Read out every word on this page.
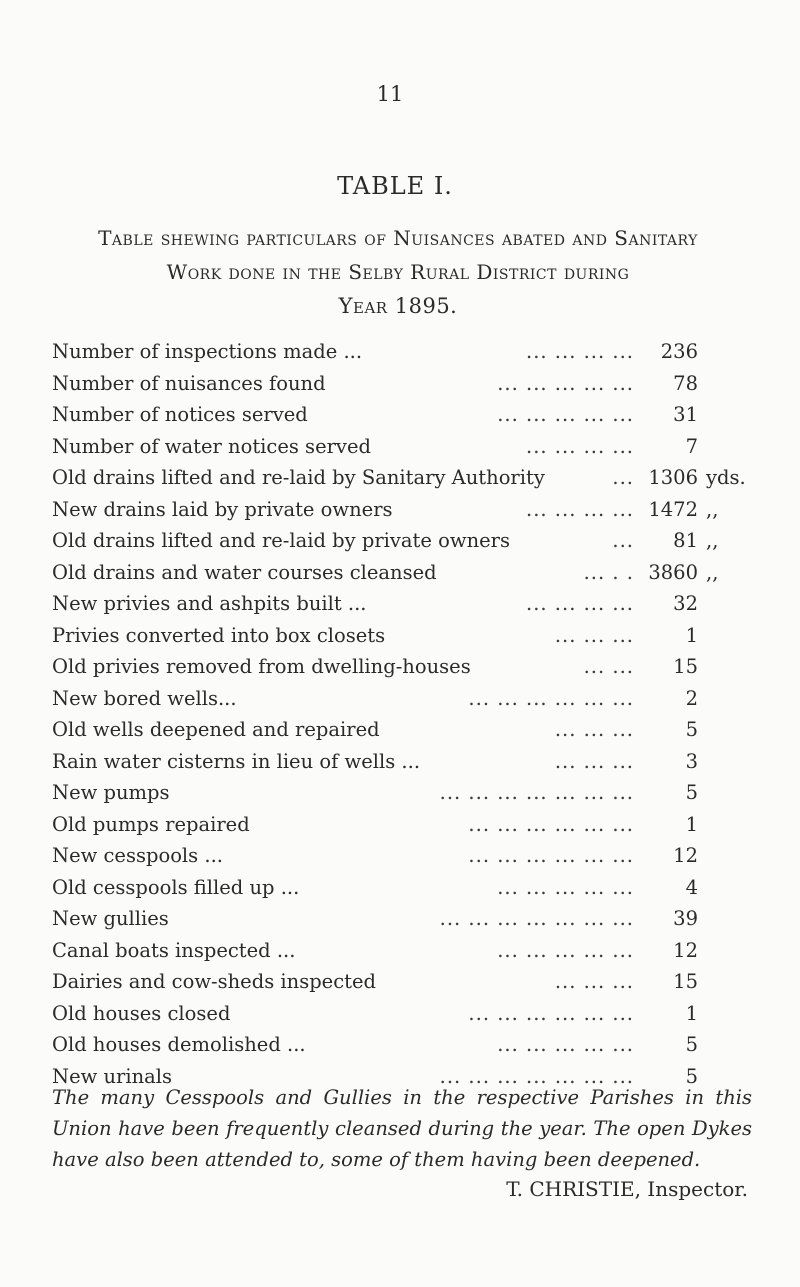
11
TABLE I.
Table shewing particulars of Nuisances abated and Sanitary
Work done in the Selby Rural District during
Year 1895.
Number of inspections made ...	... ... ... ...	236
Number of nuisances found	... ... ... ... ...	78
Number of notices served	... ... ... ... ...	31
Number of water notices served	... ... ... ...	7
Old drains lifted and re-laid by Sanitary Authority	... 1306 yds.
New drains laid by private owners	... ... ... ... 1472 ,,
Old drains lifted and re-laid by private owners	...	81 ,,
Old drains and water courses cleansed	... . . 3860 ,,
New privies and ashpits built ...	... ... ... ...	32
Privies converted into box closets	... ... ...	1
Old privies removed from dwelling-houses	... ...	15
New bored wells...	... ... ... ... ... ...	2
Old wells deepened and repaired	... ... ...	5
Rain water cisterns in lieu of wells ...	... ... ...	3
New pumps	... ... ... ... ... ... ...	5
Old pumps repaired	... ... ... ... ... ...	1
New cesspools ...	... ... ... ... ... ...	12
Old cesspools filled up ...	... ... ... ... ...	4
New gullies	... ... ... ... ... ... ...	39
Canal boats inspected ...	... ... ... ... ...	12
Dairies and cow-sheds inspected	... ... ...	15
Old houses closed	... ... ... ... ... ...	1
Old houses demolished ...	... ... ... ... ...	5
New urinals	... ... ... ... ... ... ...	5
The many Cesspools and Gullies in the respective Parishes in this Union have been frequently cleansed during the year. The open Dykes have also been attended to, some of them having been deepened.
T. CHRISTIE, Inspector.
